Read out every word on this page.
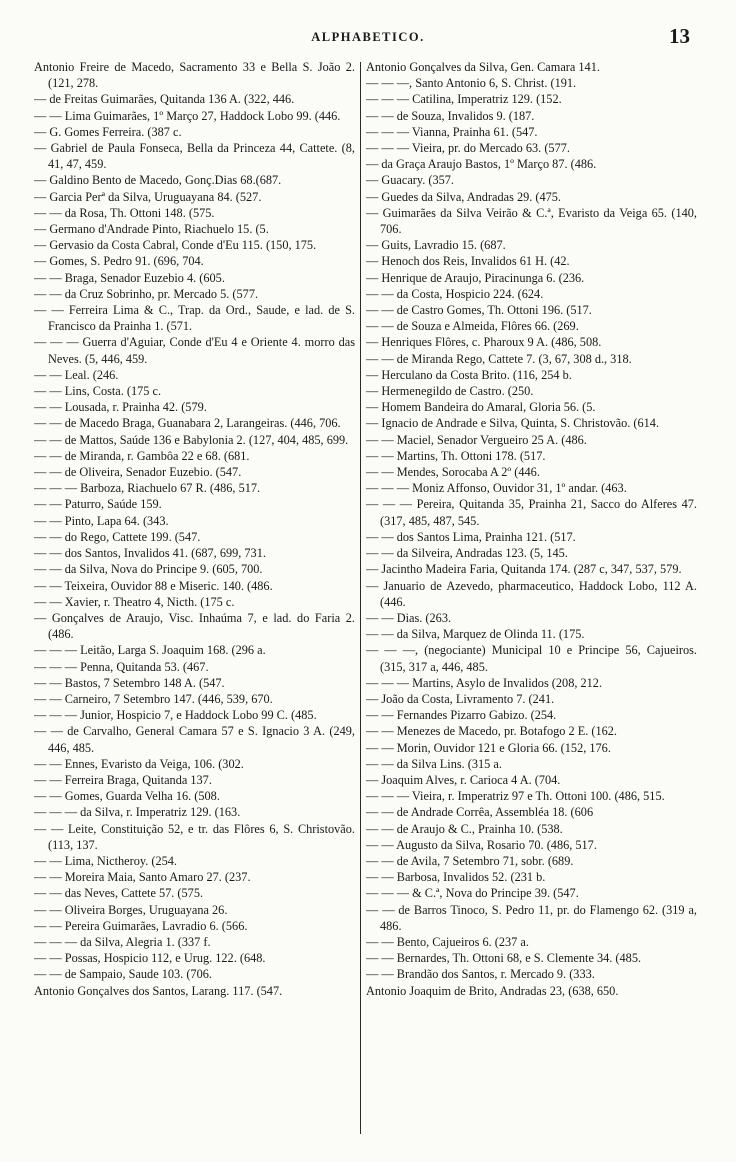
ALPHABETICO.	13

Antonio Freire de Macedo, Sacramento 33 e Bella S. João 2. (121, 278.

— de Freitas Guimarães, Quitanda 136 A. (322, 446.

— — Lima Guimarães, 1º Março 27, Haddock Lobo 99. (446.

— G. Gomes Ferreira. (387 c.

— Gabriel de Paula Fonseca, Bella da Princeza 44, Cattete. (8, 41, 47, 459.

— Galdino Bento de Macedo, Gonç.Dias 68.(687.

— Garcia Perª da Silva, Uruguayana 84. (527.

— — da Rosa, Th. Ottoni 148. (575.

— Germano d'Andrade Pinto, Riachuelo 15. (5.

— Gervasio da Costa Cabral, Conde d'Eu 115. (150, 175.

— Gomes, S. Pedro 91. (696, 704.

— — Braga, Senador Euzebio 4. (605.

— — da Cruz Sobrinho, pr. Mercado 5. (577.

— — Ferreira Lima & C., Trap. da Ord., Saude, e lad. de S. Francisco da Prainha 1. (571.

— — — Guerra d'Aguiar, Conde d'Eu 4 e Oriente 4. morro das Neves. (5, 446, 459.

— — Leal. (246.

— — Lins, Costa. (175 c.

— — Lousada, r. Prainha 42. (579.

— — de Macedo Braga, Guanabara 2, Larangeiras. (446, 706.

— — de Mattos, Saúde 136 e Babylonia 2. (127, 404, 485, 699.

— — de Miranda, r. Gambôa 22 e 68. (681.

— — de Oliveira, Senador Euzebio. (547.

— — — Barboza, Riachuelo 67 R. (486, 517.

— — Paturro, Saúde 159.

— — Pinto, Lapa 64. (343.

— — do Rego, Cattete 199. (547.

— — dos Santos, Invalidos 41. (687, 699, 731.

— — da Silva, Nova do Principe 9. (605, 700.

— — Teixeira, Ouvidor 88 e Miseric. 140. (486.

— — Xavier, r. Theatro 4, Nicth. (175 c.

— Gonçalves de Araujo, Visc. Inhaúma 7, e lad. do Faria 2. (486.

— — — Leitão, Larga S. Joaquim 168. (296 a.

— — — Penna, Quitanda 53. (467.

— — Bastos, 7 Setembro 148 A. (547.

— — Carneiro, 7 Setembro 147. (446, 539, 670.

— — — Junior, Hospicio 7, e Haddock Lobo 99 C. (485.

— — de Carvalho, General Camara 57 e S. Ignacio 3 A. (249, 446, 485.

— — Ennes, Evaristo da Veiga, 106. (302.

— — Ferreira Braga, Quitanda 137.

— — Gomes, Guarda Velha 16. (508.

— — — da Silva, r. Imperatriz 129. (163.

— — Leite, Constituição 52, e tr. das Flôres 6, S. Christovão. (113, 137.

— — Lima, Nictheroy. (254.

— — Moreira Maia, Santo Amaro 27. (237.

— — das Neves, Cattete 57. (575.

— — Oliveira Borges, Uruguayana 26.

— — Pereira Guimarães, Lavradio 6. (566.

— — — da Silva, Alegria 1. (337 f.

— — Possas, Hospicio 112, e Urug. 122. (648.

— — de Sampaio, Saude 103. (706.

Antonio Gonçalves dos Santos, Larang. 117. (547.

Antonio Gonçalves da Silva, Gen. Camara 141.

— — —, Santo Antonio 6, S. Christ. (191.

— — — Catilina, Imperatriz 129. (152.

— — de Souza, Invalidos 9. (187.

— — — Vianna, Prainha 61. (547.

— — — Vieira, pr. do Mercado 63. (577.

— da Graça Araujo Bastos, 1º Março 87. (486.

— Guacary. (357.

— Guedes da Silva, Andradas 29. (475.

— Guimarães da Silva Veirão & C.ª, Evaristo da Veiga 65. (140, 706.

— Guits, Lavradio 15. (687.

— Henoch dos Reis, Invalidos 61 H. (42.

— Henrique de Araujo, Piracinunga 6. (236.

— — da Costa, Hospicio 224. (624.

— — de Castro Gomes, Th. Ottoni 196. (517.

— — de Souza e Almeida, Flôres 66. (269.

— Henriques Flôres, c. Pharoux 9 A. (486, 508.

— — de Miranda Rego, Cattete 7. (3, 67, 308 d., 318.

— Herculano da Costa Brito. (116, 254 b.

— Hermenegildo de Castro. (250.

— Homem Bandeira do Amaral, Gloria 56. (5.

— Ignacio de Andrade e Silva, Quinta, S. Christovão. (614.

— — Maciel, Senador Vergueiro 25 A. (486.

— — Martins, Th. Ottoni 178. (517.

— — Mendes, Sorocaba A 2º (446.

— — — Moniz Affonso, Ouvidor 31, 1º andar. (463.

— — — Pereira, Quitanda 35, Prainha 21, Sacco do Alferes 47. (317, 485, 487, 545.

— — dos Santos Lima, Prainha 121. (517.

— — da Silveira, Andradas 123. (5, 145.

— Jacintho Madeira Faria, Quitanda 174. (287 c, 347, 537, 579.

— Januario de Azevedo, pharmaceutico, Haddock Lobo, 112 A. (446.

— — Dias. (263.

— — da Silva, Marquez de Olinda 11. (175.

— — —, (negociante) Municipal 10 e Principe 56, Cajueiros. (315, 317 a, 446, 485.

— — — Martins, Asylo de Invalidos (208, 212.

— João da Costa, Livramento 7. (241.

— — Fernandes Pizarro Gabizo. (254.

— — Menezes de Macedo, pr. Botafogo 2 E. (162.

— — Morin, Ouvidor 121 e Gloria 66. (152, 176.

— — da Silva Lins. (315 a.

— Joaquim Alves, r. Carioca 4 A. (704.

— — — Vieira, r. Imperatriz 97 e Th. Ottoni 100. (486, 515.

— — de Andrade Corrêa, Assembléa 18. (606

— — de Araujo & C., Prainha 10. (538.

— — Augusto da Silva, Rosario 70. (486, 517.

— — de Avila, 7 Setembro 71, sobr. (689.

— — Barbosa, Invalidos 52. (231 b.

— — — & C.ª, Nova do Principe 39. (547.

— — de Barros Tinoco, S. Pedro 11, pr. do Flamengo 62. (319 a, 486.

— — Bento, Cajueiros 6. (237 a.

— — Bernardes, Th. Ottoni 68, e S. Clemente 34. (485.

— — Brandão dos Santos, r. Mercado 9. (333.

Antonio Joaquim de Brito, Andradas 23, (638, 650.
